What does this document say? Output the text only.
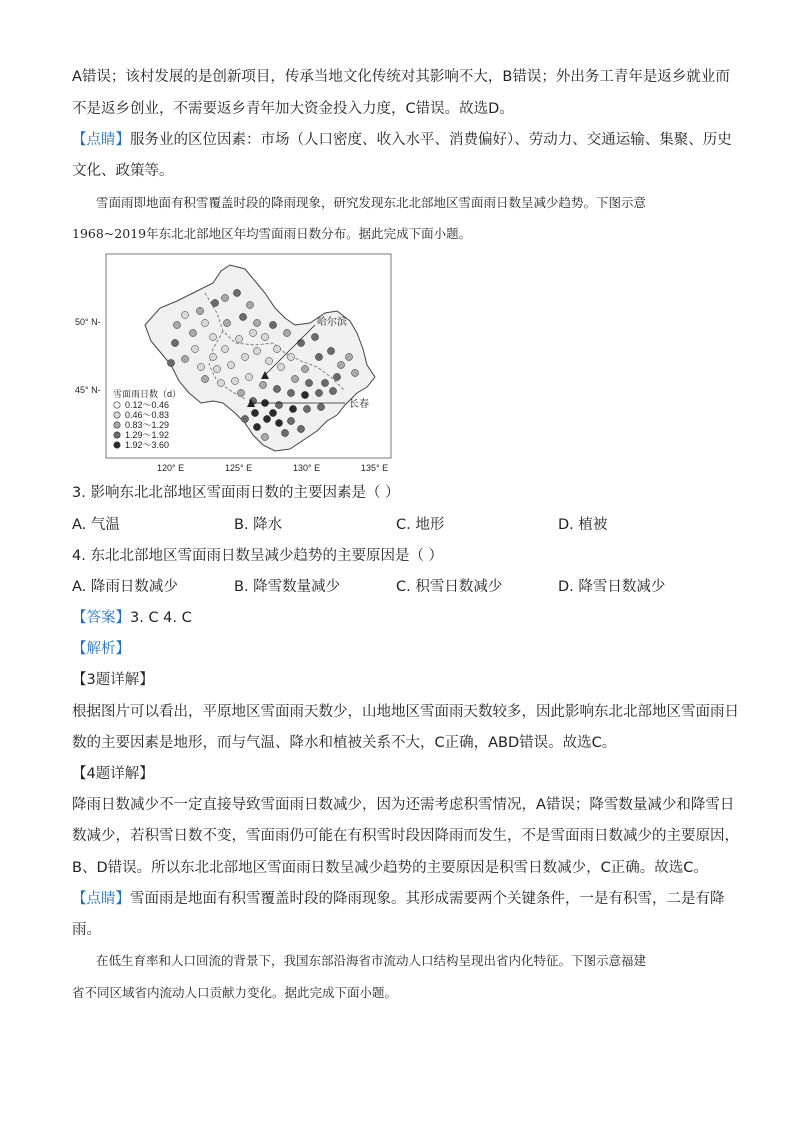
A错误；该村发展的是创新项目，传承当地文化传统对其影响不大，B错误；外出务工青年是返乡就业而
不是返乡创业，不需要返乡青年加大资金投入力度，C错误。故选D。
【点睛】服务业的区位因素：市场（人口密度、收入水平、消费偏好）、劳动力、交通运输、集聚、历史
文化、政策等。
雪面雨即地面有积雪覆盖时段的降雨现象，研究发现东北北部地区雪面雨日数呈减少趋势。下图示意
1968~2019年东北北部地区年均雪面雨日数分布。据此完成下面小题。
50° N-
45° N-
120° E	125° E	130° E	135° E
哈尔滨
长春
雪面雨日数（d）
0.12～0.46
0.46～0.83
0.83～1.29
1.29～1.92
1.92～3.60
3. 影响东北北部地区雪面雨日数的主要因素是（ ）
A. 气温	B. 降水	C. 地形	D. 植被
4. 东北北部地区雪面雨日数呈减少趋势的主要原因是（ ）
A. 降雨日数减少	B. 降雪数量减少	C. 积雪日数减少	D. 降雪日数减少
【答案】3. C 4. C
【解析】
【3题详解】
根据图片可以看出，平原地区雪面雨天数少，山地地区雪面雨天数较多，因此影响东北北部地区雪面雨日
数的主要因素是地形，而与气温、降水和植被关系不大，C正确，ABD错误。故选C。
【4题详解】
降雨日数减少不一定直接导致雪面雨日数减少，因为还需考虑积雪情况，A错误；降雪数量减少和降雪日
数减少，若积雪日数不变，雪面雨仍可能在有积雪时段因降雨而发生，不是雪面雨日数减少的主要原因，
B、D错误。所以东北北部地区雪面雨日数呈减少趋势的主要原因是积雪日数减少，C正确。故选C。
【点睛】雪面雨是地面有积雪覆盖时段的降雨现象。其形成需要两个关键条件，一是有积雪，二是有降
雨。
在低生育率和人口回流的背景下，我国东部沿海省市流动人口结构呈现出省内化特征。下图示意福建
省不同区域省内流动人口贡献力变化。据此完成下面小题。
